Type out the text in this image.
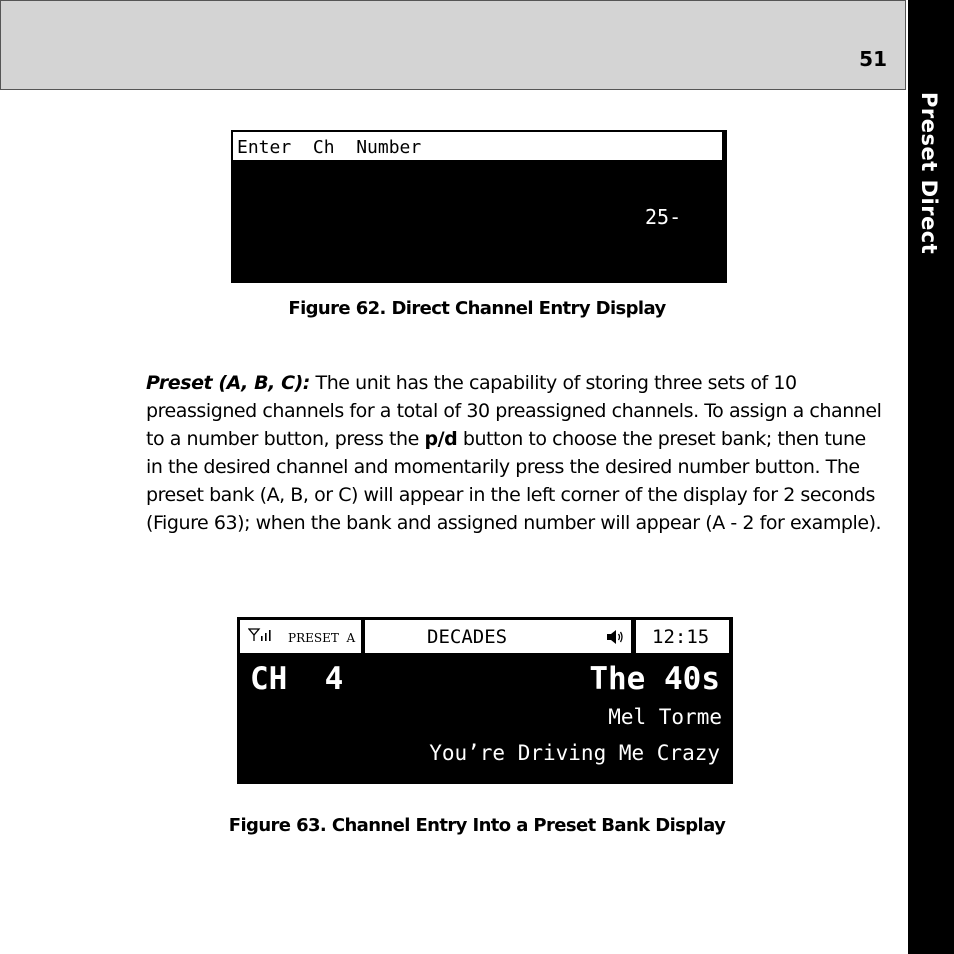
51
Preset Direct
Enter  Ch  Number
25-
Figure 62. Direct Channel Entry Display

Preset (A, B, C): The unit has the capability of storing three sets of 10 preassigned channels for a total of 30 preassigned channels. To assign a channel to a number button, press the p/d button to choose the preset bank; then tune in the desired channel and momentarily press the desired number button. The preset bank (A, B, or C) will appear in the left corner of the display for 2 seconds (Figure 63); when the bank and assigned number will appear (A - 2 for example).

PRESET  A	DECADES	12:15
CH  4	The 40s
Mel Torme
You’re Driving Me Crazy
Figure 63. Channel Entry Into a Preset Bank Display
